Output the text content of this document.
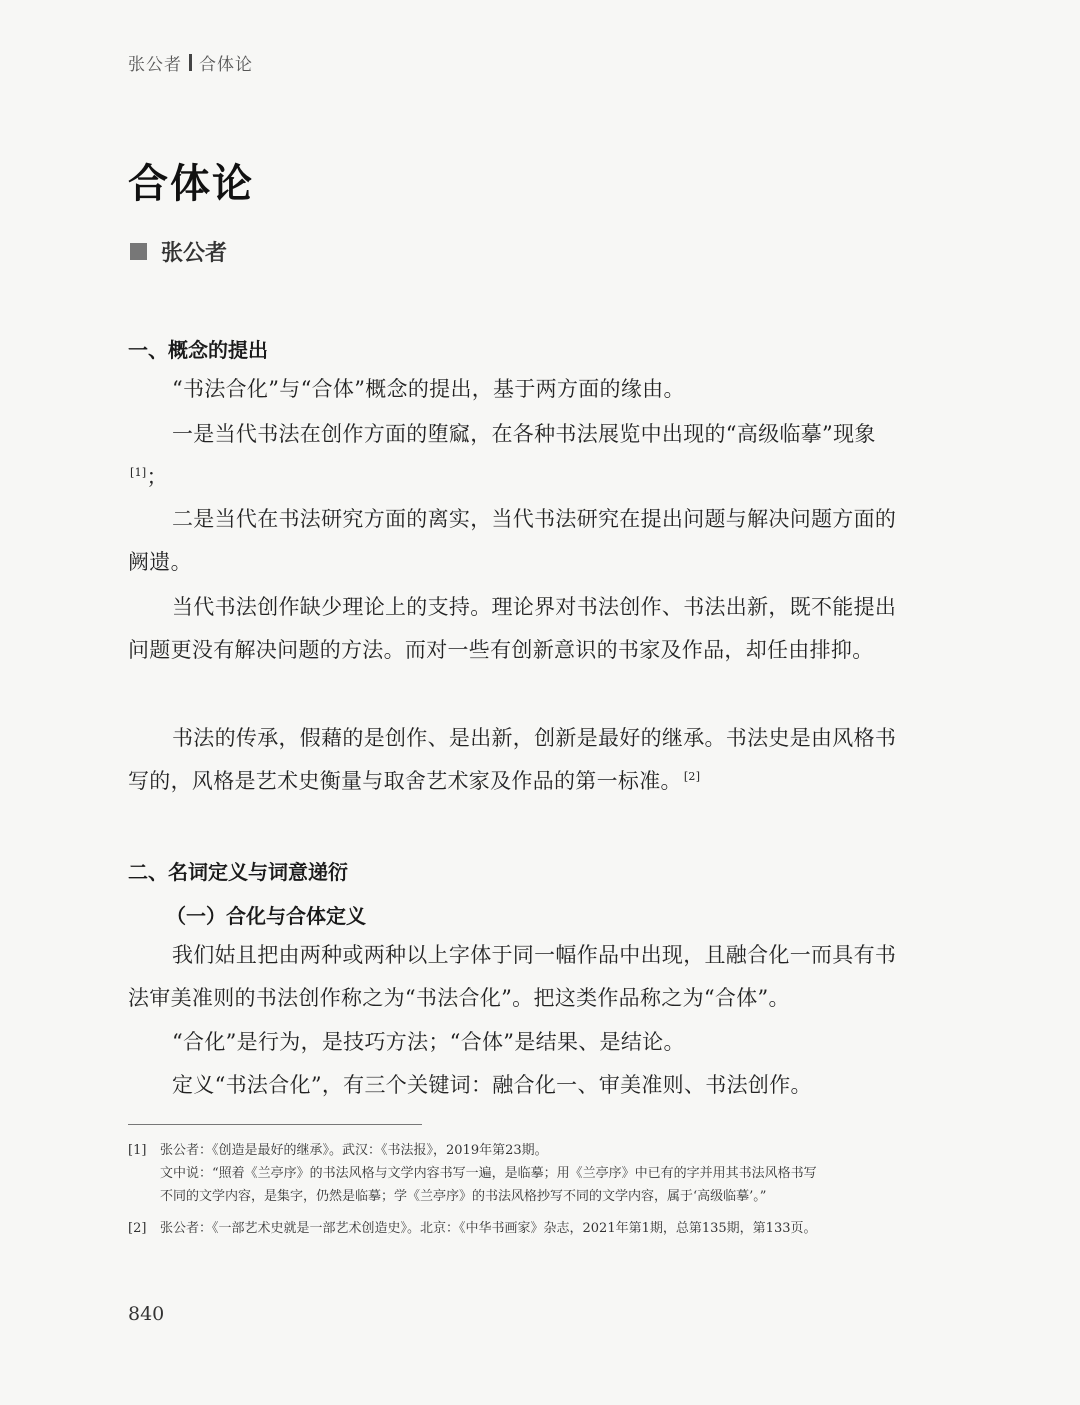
张公者 合体论
合体论
张公者
一、概念的提出

“书法合化”与“合体”概念的提出，基于两方面的缘由。

一是当代书法在创作方面的堕窳，在各种书法展览中出现的“高级临摹”现象[1]；

二是当代在书法研究方面的离实，当代书法研究在提出问题与解决问题方面的阙遗。

当代书法创作缺少理论上的支持。理论界对书法创作、书法出新，既不能提出问题更没有解决问题的方法。而对一些有创新意识的书家及作品，却任由排抑。

书法的传承，假藉的是创作、是出新，创新是最好的继承。书法史是由风格书写的，风格是艺术史衡量与取舍艺术家及作品的第一标准。 [2]

二、名词定义与词意递衍
（一）合化与合体定义

我们姑且把由两种或两种以上字体于同一幅作品中出现，且融合化一而具有书法审美准则的书法创作称之为“书法合化”。把这类作品称之为“合体”。

“合化”是行为，是技巧方法；“合体”是结果、是结论。

定义“书法合化”，有三个关键词：融合化一、审美准则、书法创作。

[1]	张公者：《创造是最好的继承》。武汉：《书法报》，2019年第23期。
文中说：“照着《兰亭序》的书法风格与文学内容书写一遍，是临摹；用《兰亭序》中已有的字并用其书法风格书写
不同的文学内容，是集字，仍然是临摹；学《兰亭序》的书法风格抄写不同的文学内容，属于‘高级临摹’。”
[2]	张公者：《一部艺术史就是一部艺术创造史》。北京：《中华书画家》杂志，2021年第1期，总第135期，第133页。
840
